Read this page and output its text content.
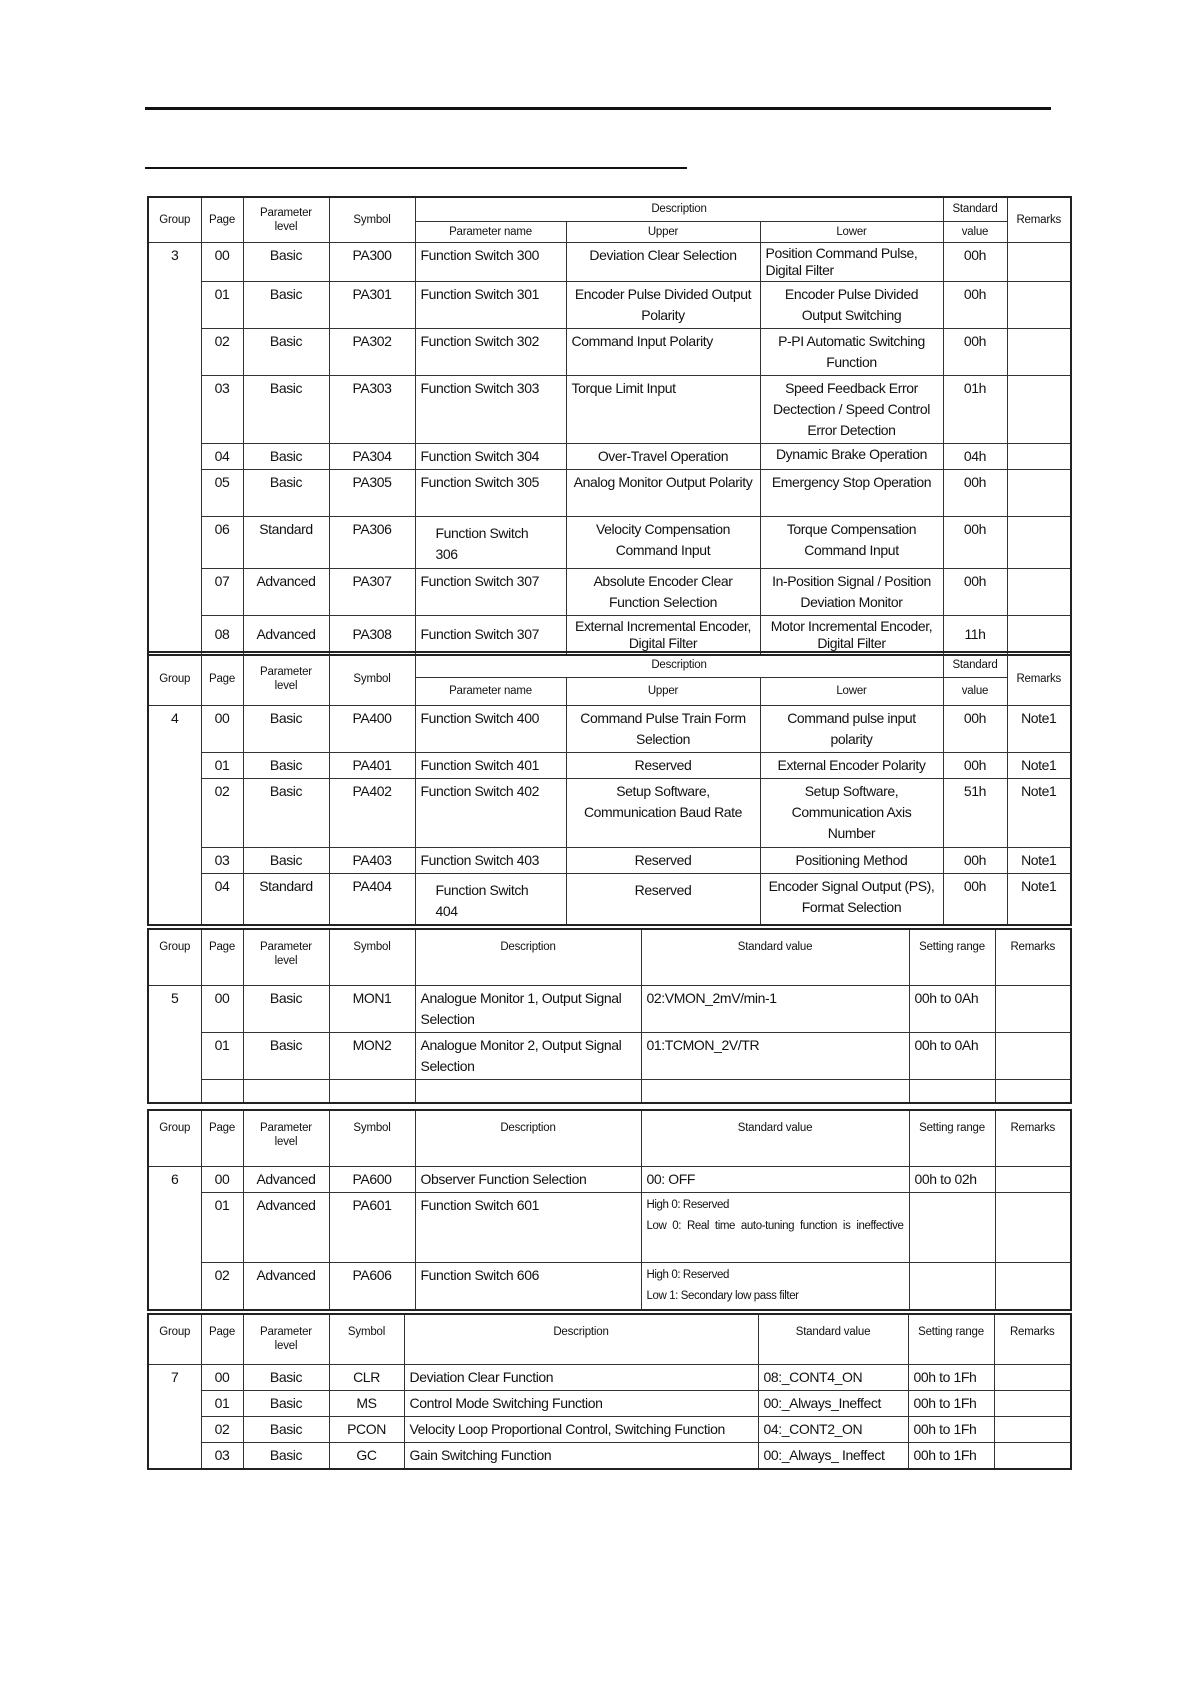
Group	Page	Parameter level	Symbol	Description			Standard	Remarks
				Parameter name	Upper	Lower	value	
3	00	Basic	PA300	Function Switch 300	Deviation Clear Selection	Position Command Pulse, Digital Filter	00h	
	01	Basic	PA301	Function Switch 301	Encoder Pulse Divided Output Polarity	Encoder Pulse Divided Output Switching	00h	
	02	Basic	PA302	Function Switch 302	Command Input Polarity	P-PI Automatic Switching Function	00h	
	03	Basic	PA303	Function Switch 303	Torque Limit Input	Speed Feedback Error Dectection / Speed Control Error Detection	01h	
	04	Basic	PA304	Function Switch 304	Over-Travel Operation	Dynamic Brake Operation	04h	
	05	Basic	PA305	Function Switch 305	Analog Monitor Output Polarity	Emergency Stop Operation	00h	
	06	Standard	PA306	Function Switch 306	Velocity Compensation Command Input	Torque Compensation Command Input	00h	
	07	Advanced	PA307	Function Switch 307	Absolute Encoder Clear Function Selection	In-Position Signal / Position Deviation Monitor	00h	
	08	Advanced	PA308	Function Switch 307	External Incremental Encoder, Digital Filter	Motor Incremental Encoder, Digital Filter	11h	
Group	Page	Parameter level	Symbol	Description			Standard	Remarks
				Parameter name	Upper	Lower	value	
4	00	Basic	PA400	Function Switch 400	Command Pulse Train Form Selection	Command pulse input polarity	00h	Note1
	01	Basic	PA401	Function Switch 401	Reserved	External Encoder Polarity	00h	Note1
	02	Basic	PA402	Function Switch 402	Setup Software, Communication Baud Rate	Setup Software, Communication Axis Number	51h	Note1
	03	Basic	PA403	Function Switch 403	Reserved	Positioning Method	00h	Note1
	04	Standard	PA404	Function Switch 404	Reserved	Encoder Signal Output (PS), Format Selection	00h	Note1
Group	Page	Parameter level	Symbol	Description	Standard value	Setting range	Remarks
5	00	Basic	MON1	Analogue Monitor 1, Output Signal Selection	02:VMON_2mV/min-1	00h to 0Ah	
	01	Basic	MON2	Analogue Monitor 2, Output Signal Selection	01:TCMON_2V/TR	00h to 0Ah	

Group	Page	Parameter level	Symbol	Description	Standard value	Setting range	Remarks
6	00	Advanced	PA600	Observer Function Selection	00: OFF	00h to 02h	
	01	Advanced	PA601	Function Switch 601	High 0: Reserved
Low 0: Real time auto-tuning function is ineffective		

	02	Advanced	PA606	Function Switch 606	High 0: Reserved
Low 1: Secondary low pass filter		

Group	Page	Parameter level	Symbol	Description	Standard value	Setting range	Remarks
7	00	Basic	CLR	Deviation Clear Function	08:_CONT4_ON	00h to 1Fh	
	01	Basic	MS	Control Mode Switching Function	00:_Always_Ineffect	00h to 1Fh	
	02	Basic	PCON	Velocity Loop Proportional Control, Switching Function	04:_CONT2_ON	00h to 1Fh	
	03	Basic	GC	Gain Switching Function	00:_Always_ Ineffect	00h to 1Fh	
